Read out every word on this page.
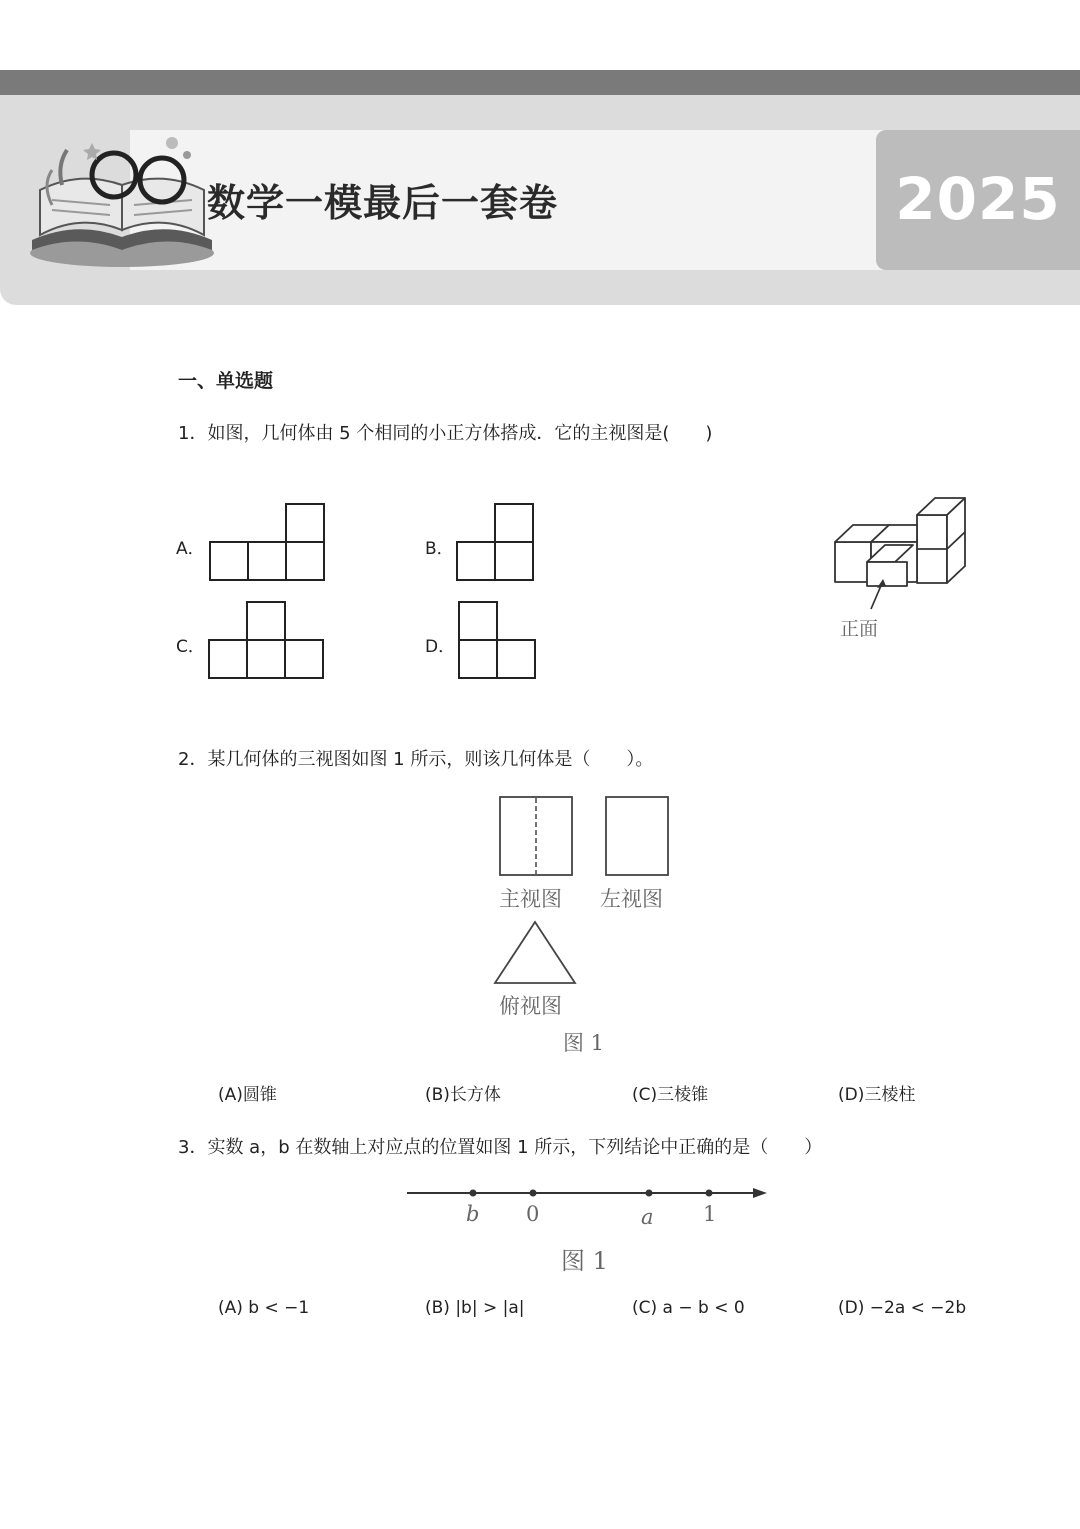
数学一模最后一套卷	2025
一、单选题
1．如图，几何体由 5 个相同的小正方体搭成．它的主视图是(　　)
A．	B．
C．	D．
正面
2．某几何体的三视图如图 1 所示，则该几何体是（　　）。
主视图 左视图
俯视图
图 1
(A)圆锥	(B)长方体	(C)三棱锥	(D)三棱柱
3．实数 a，b 在数轴上对应点的位置如图 1 所示，下列结论中正确的是（　　）
b 0	a 1
图 1
(A) b < −1	(B) |b| > |a|	(C) a − b < 0	(D) −2a < −2b
